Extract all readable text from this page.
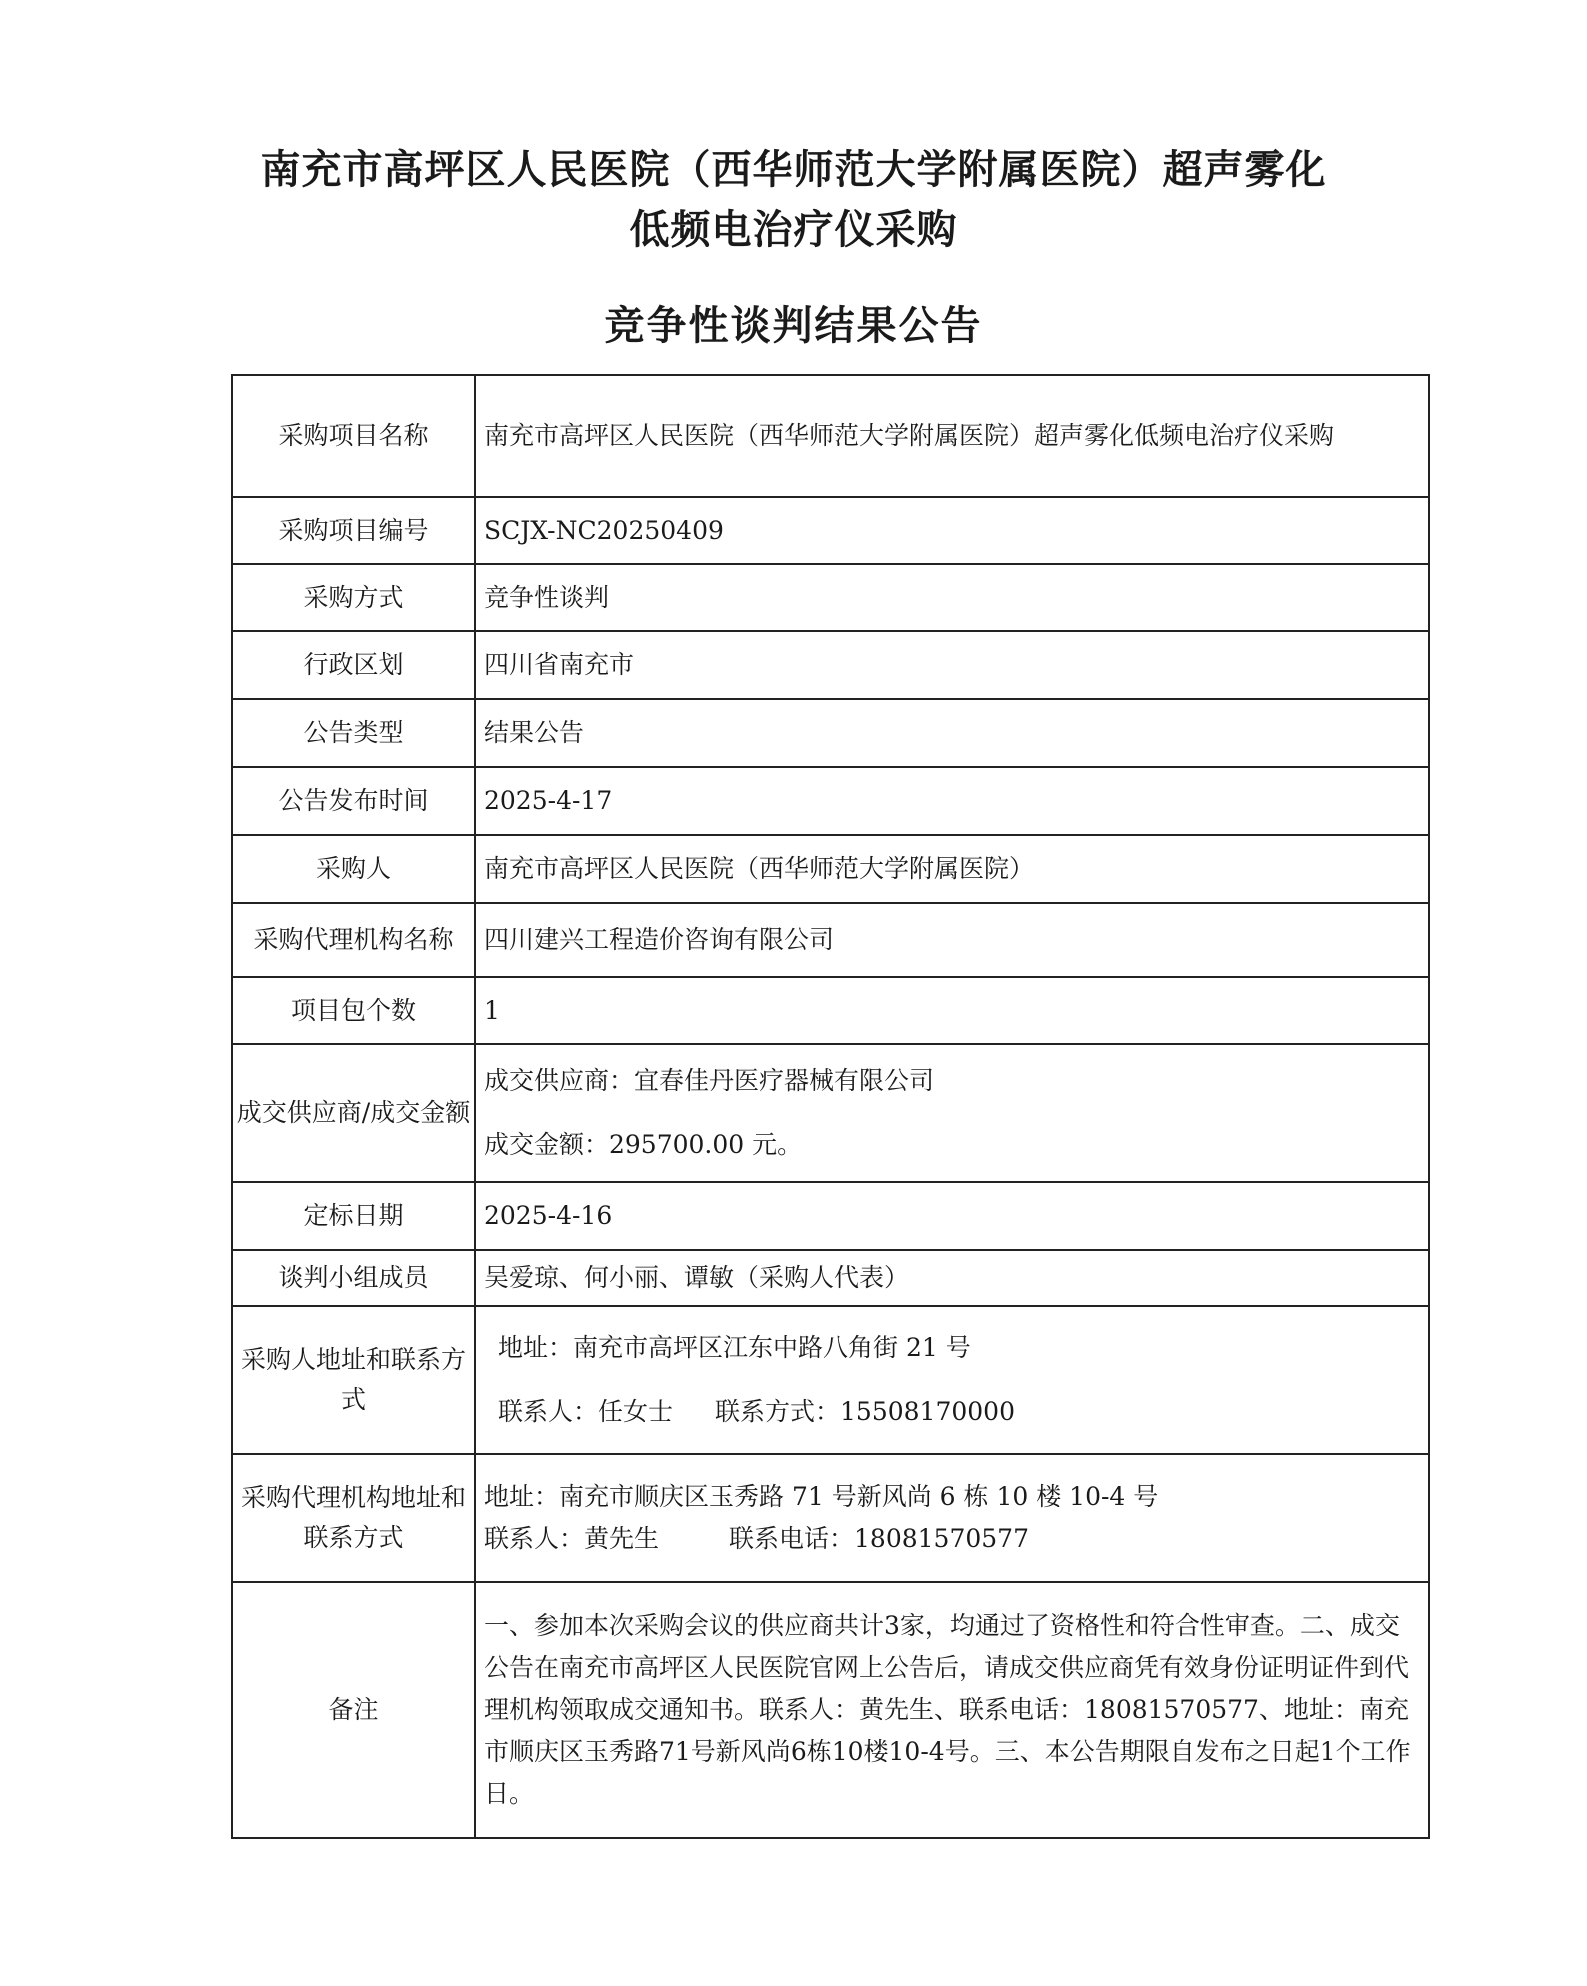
南充市高坪区人民医院（西华师范大学附属医院）超声雾化
低频电治疗仪采购
竞争性谈判结果公告
采购项目名称	南充市高坪区人民医院（西华师范大学附属医院）超声雾化低频电治疗仪采购
采购项目编号	SCJX-NC20250409
采购方式	竞争性谈判
行政区划	四川省南充市
公告类型	结果公告
公告发布时间	2025-4-17
采购人	南充市高坪区人民医院（西华师范大学附属医院）
采购代理机构名称	四川建兴工程造价咨询有限公司
项目包个数	1
成交供应商/成交金额	成交供应商：宜春佳丹医疗器械有限公司
成交金额：295700.00 元。

定标日期	2025-4-16
谈判小组成员	吴爱琼、何小丽、谭敏（采购人代表）
采购人地址和联系方式	地址：南充市高坪区江东中路八角街 21 号
联系人：任女士 联系方式：15508170000

采购代理机构地址和联系方式	地址：南充市顺庆区玉秀路 71 号新风尚 6 栋 10 楼 10-4 号
联系人：黄先生 联系电话：18081570577

备注	一、参加本次采购会议的供应商共计3家，均通过了资格性和符合性审查。二、成交公告在南充市高坪区人民医院官网上公告后，请成交供应商凭有效身份证明证件到代理机构领取成交通知书。联系人：黄先生、联系电话：18081570577、地址：南充市顺庆区玉秀路71号新风尚6栋10楼10-4号。三、本公告期限自发布之日起1个工作日。
